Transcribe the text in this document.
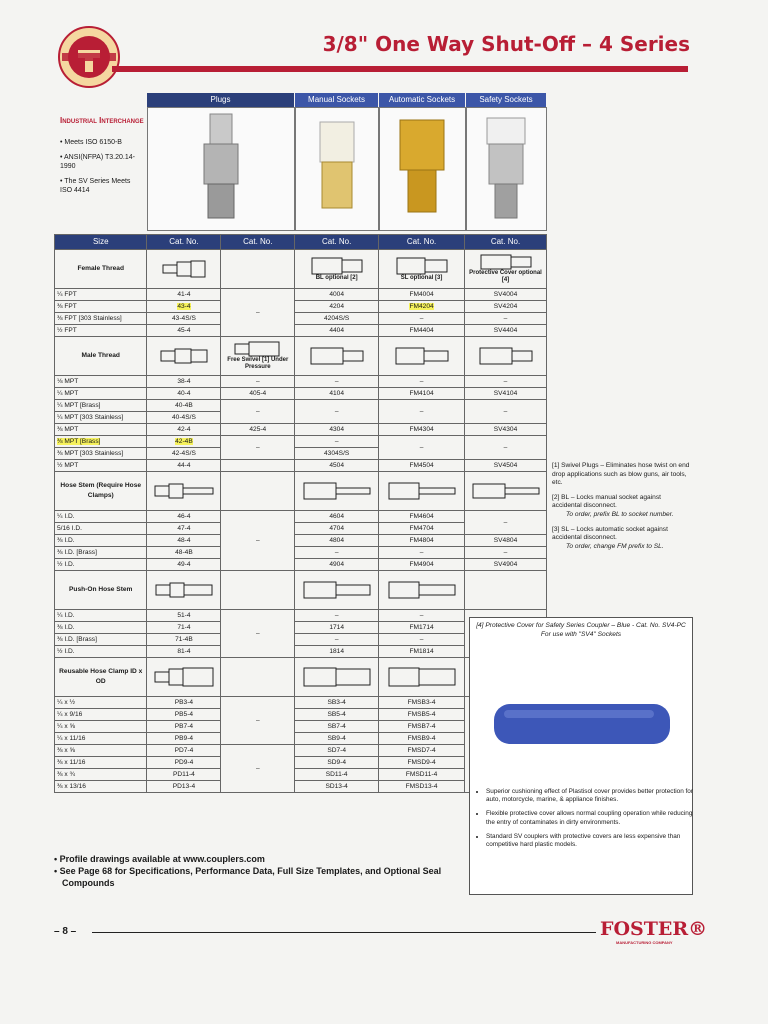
3/8" One Way Shut-Off – 4 Series
Industrial Interchange
• Meets ISO 6150-B
• ANSI(NFPA) T3.20.14-1990
• The SV Series Meets ISO 4414
Plugs	Manual Sockets	Automatic Sockets	Safety Sockets
Size	Cat. No.	Cat. No.	Cat. No.	Cat. No.	Cat. No.
Female Thread			BL optional [2]	SL optional [3]	Protective Cover optional [4]

¼ FPT	41-4	–	4004	FM4004	SV4004
⅜ FPT	43-4		4204	FM4204	SV4204
⅜ FPT [303 Stainless]	43-4S/S		4204S/S	–	–
½ FPT	45-4		4404	FM4404	SV4404
Male Thread		Free Swivel [1] Under Pressure

⅛ MPT	38-4	–	–	–	–
¼ MPT	40-4	405-4	4104	FM4104	SV4104
¼ MPT [Brass]	40-4B	–	–	–	–
¼ MPT [303 Stainless]	40-4S/S				
⅜ MPT	42-4	425-4	4304	FM4304	SV4304
⅜ MPT [Brass]	42-4B	–	–	–	–
⅜ MPT [303 Stainless]	42-4S/S		4304S/S		
½ MPT	44-4		4504	FM4504	SV4504
Hose Stem (Require Hose Clamps)					
¼ I.D.	46-4	–	4604	FM4604	–
5/16 I.D.	47-4		4704	FM4704	
⅜ I.D.	48-4		4804	FM4804	SV4804
⅜ I.D. [Brass]	48-4B		–	–	–
½ I.D.	49-4		4904	FM4904	SV4904
Push-On Hose Stem					
¼ I.D.	51-4	–	–	–	
⅜ I.D.	71-4		1714	FM1714	
⅜ I.D. [Brass]	71-4B		–	–	
½ I.D.	81-4		1814	FM1814	
Reusable Hose Clamp ID x OD					
¼ x ½	PB3-4	–	SB3-4	FMSB3-4	
¼ x 9/16	PB5-4		SB5-4	FMSB5-4	
¼ x ⅝	PB7-4		SB7-4	FMSB7-4	
¼ x 11/16	PB9-4		SB9-4	FMSB9-4	
⅜ x ⅝	PD7-4	–	SD7-4	FMSD7-4	
⅜ x 11/16	PD9-4		SD9-4	FMSD9-4	
⅜ x ¾	PD11-4		SD11-4	FMSD11-4	
⅜ x 13/16	PD13-4		SD13-4	FMSD13-4	
[1] Swivel Plugs – Eliminates hose twist on end drop applications such as blow guns, air tools, etc.
[2] BL – Locks manual socket against accidental disconnect.
To order, prefix BL to socket number.
[3] SL – Locks automatic socket against accidental disconnect.
To order, change FM prefix to SL.
[4] Protective Cover for Safety Series Coupler – Blue - Cat. No. SV4-PC
For use with "SV4" Sockets
• Superior cushioning effect of Plastisol cover provides better protection for auto, motorcycle, marine, & appliance finishes.
• Flexible protective cover allows normal coupling operation while reducing the entry of contaminates in dirty environments.
• Standard SV couplers with protective covers are less expensive than competitive hard plastic models.
• Profile drawings available at www.couplers.com
• See Page 68 for Specifications, Performance Data, Full Size Templates, and Optional Seal Compounds
– 8 –	FOSTER®
MANUFACTURING COMPANY
